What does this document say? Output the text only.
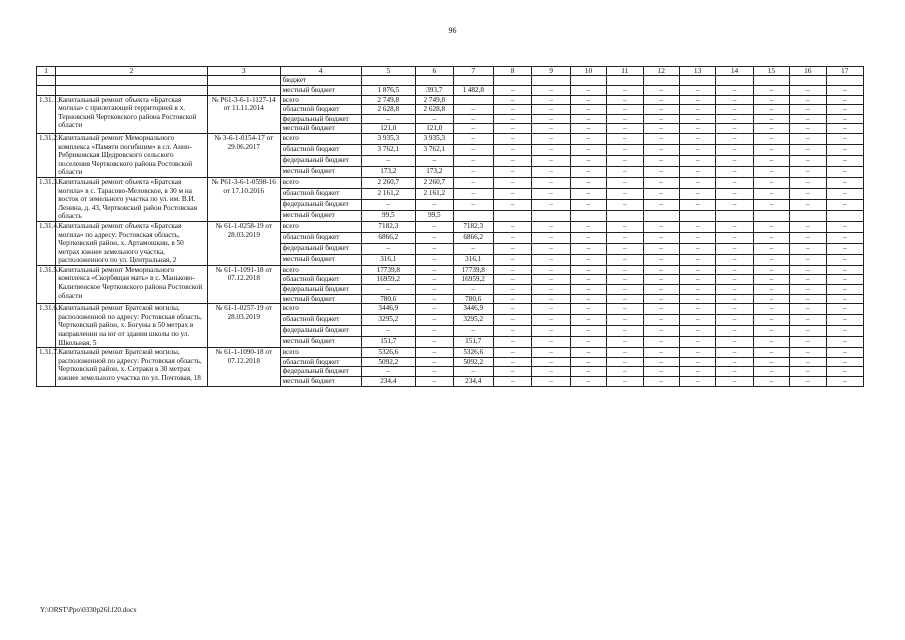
96
1	2	3	4	5	6	7	8	9	10	11	12	13	14	15	16	17
			бюджет													
			местный бюджет	1 876,5	393,7	1 482,8	–	–	–	–	–	–	–	–	–	–
1.31.1.	Капитальный ремонт объекта «Братская могила» с прилегающей территорией в х. Терновский Чертковского района Ростовской области	№ Р61-3-6-1-1127-14 от 11.11.2014	всего	2 749,8	2 749,8		–	–	–	–	–	–	–	–	–	–
			областной бюджет	2 628,8	2 628,8	–	–	–	–	–	–	–	–	–	–	–
			федеральный бюджет	–	–	–	–	–	–	–	–	–	–	–	–	–
			местный бюджет	121,0	121,0	–	–	–	–	–	–	–	–	–	–	–
1.31.2.	Капитальный ремонт Мемориального комплекса «Памяти погибшим» в сл. Анно-Ребриковская Щедровского сельского поселения Чертковского района Ростовской области	№ 3-6-1-0154-17 от 29.06.2017	всего	3 935,3	3 935,3	–	–	–	–	–	–	–	–	–	–	–
			областной бюджет	3 762,1	3 762,1	–	–	–	–	–	–	–	–	–	–	–
			федеральный бюджет	–	–	–	–	–	–	–	–	–	–	–	–	–
			местный бюджет	173,2	173,2	–	–	–	–	–	–	–	–	–	–	–
1.31.3.	Капитальный ремонт объекта «Братская могила» в с. Тарасово-Меловское, в 30 м на восток от земельного участка по ул. им. В.И. Ленина, д. 43, Чертковский район Ростовская область	№ Р61-3-6-1-0598-16 от 17.10.2016	всего	2 260,7	2 260,7	–	–	–	–	–	–	–	–	–	–	–
			областной бюджет	2 161,2	2 161,2	–	–	–	–	–	–	–	–	–	–	–
			федеральный бюджет	–	–	–	–	–	–	–	–	–	–	–	–	–
			местный бюджет	99,5	99,5											
1.31.4.	Капитальный ремонт объекта «Братская могила» по адресу: Ростовская область, Чертковский район, х. Артамошкин, в 50 метрах южнее земельного участка, расположенного по ул. Центральная, 2	№ 61-1-0258-19 от 28.03.2019	всего	7182,3	–	7182,3	–	–	–	–	–	–	–	–	–	–
			областной бюджет	6866,2	–	6866,2	–	–	–	–	–	–	–	–	–	–
			федеральный бюджет	–	–	–	–	–	–	–	–	–	–	–	–	–
			местный бюджет	316,1	–	316,1	–	–	–	–	–	–	–	–	–	–
1.31.5.	Капитальный ремонт Мемориального комплекса «Скорбящая мать» в с. Маньково-Калитвенское Чертковского района Ростовской области	№ 61-1-1091-18 от 07.12.2018	всего	17739,8	–	17739,8	–	–	–	–	–	–	–	–	–	–
			областной бюджет	16959,2	–	16959,2	–	–	–	–	–	–	–	–	–	–
			федеральный бюджет	–	–	–	–	–	–	–	–	–	–	–	–	–
			местный бюджет	780,6	–	780,6	–	–	–	–	–	–	–	–	–	–
1.31.6.	Капитальный ремонт Братской могилы, расположенной по адресу: Ростовская область, Чертковский район, х. Богуны в 50 метрах в направлении на юг от здания школы по ул. Школьная, 5	№ 61-1-0257-19 от 28.03.2019	всего	3446,9	–	3446,9	–	–	–	–	–	–	–	–	–	–
			областной бюджет	3295,2	–	3295,2	–	–	–	–	–	–	–	–	–	–
			федеральный бюджет	–	–	–	–	–	–	–	–	–	–	–	–	–
			местный бюджет	151,7	–	151,7	–	–	–	–	–	–	–	–	–	–
1.31.7.	Капитальный ремонт Братской могилы, расположенной по адресу: Ростовская область, Чертковский район, х. Сетраки в 30 метрах южнее земельного участка по ул. Почтовая, 18	№ 61-1-1090-18 от 07.12.2018	всего	5326,6	–	5326,6	–	–	–	–	–	–	–	–	–	–
			областной бюджет	5092,2	–	5092,2	–	–	–	–	–	–	–	–	–	–
			федеральный бюджет	–	–	–	–	–	–	–	–	–	–	–	–	–
			местный бюджет	234,4	–	234,4	–	–	–	–	–	–	–	–	–	–
Y:\ORST\Ppo\0330p26f.f20.docx
